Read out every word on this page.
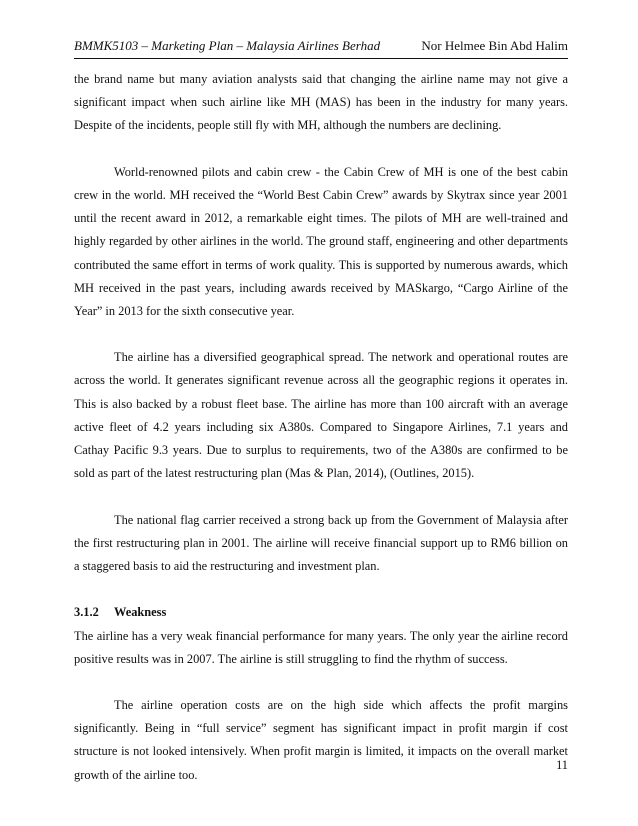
BMMK5103 – Marketing Plan – Malaysia Airlines Berhad	Nor Helmee Bin Abd Halim
the brand name but many aviation analysts said that changing the airline name may not give a
significant impact when such airline like MH (MAS) has been in the industry for many years.
Despite of the incidents, people still fly with MH, although the numbers are declining.
World-renowned pilots and cabin crew - the Cabin Crew of MH is one of the best cabin
crew in the world. MH received the “World Best Cabin Crew” awards by Skytrax since year 2001
until the recent award in 2012, a remarkable eight times. The pilots of MH are well-trained and
highly regarded by other airlines in the world. The ground staff, engineering and other departments
contributed the same effort in terms of work quality. This is supported by numerous awards, which
MH received in the past years, including awards received by MASkargo, “Cargo Airline of the
Year” in 2013 for the sixth consecutive year.
The airline has a diversified geographical spread. The network and operational routes are
across the world. It generates significant revenue across all the geographic regions it operates in.
This is also backed by a robust fleet base. The airline has more than 100 aircraft with an average
active fleet of 4.2 years including six A380s. Compared to Singapore Airlines, 7.1 years and
Cathay Pacific 9.3 years. Due to surplus to requirements, two of the A380s are confirmed to be
sold as part of the latest restructuring plan (Mas & Plan, 2014), (Outlines, 2015).
The national flag carrier received a strong back up from the Government of Malaysia after
the first restructuring plan in 2001. The airline will receive financial support up to RM6 billion on
a staggered basis to aid the restructuring and investment plan.
3.1.2 Weakness
The airline has a very weak financial performance for many years. The only year the airline record
positive results was in 2007. The airline is still struggling to find the rhythm of success.
The airline operation costs are on the high side which affects the profit margins
significantly. Being in “full service” segment has significant impact in profit margin if cost
structure is not looked intensively. When profit margin is limited, it impacts on the overall market
growth of the airline too.
11
